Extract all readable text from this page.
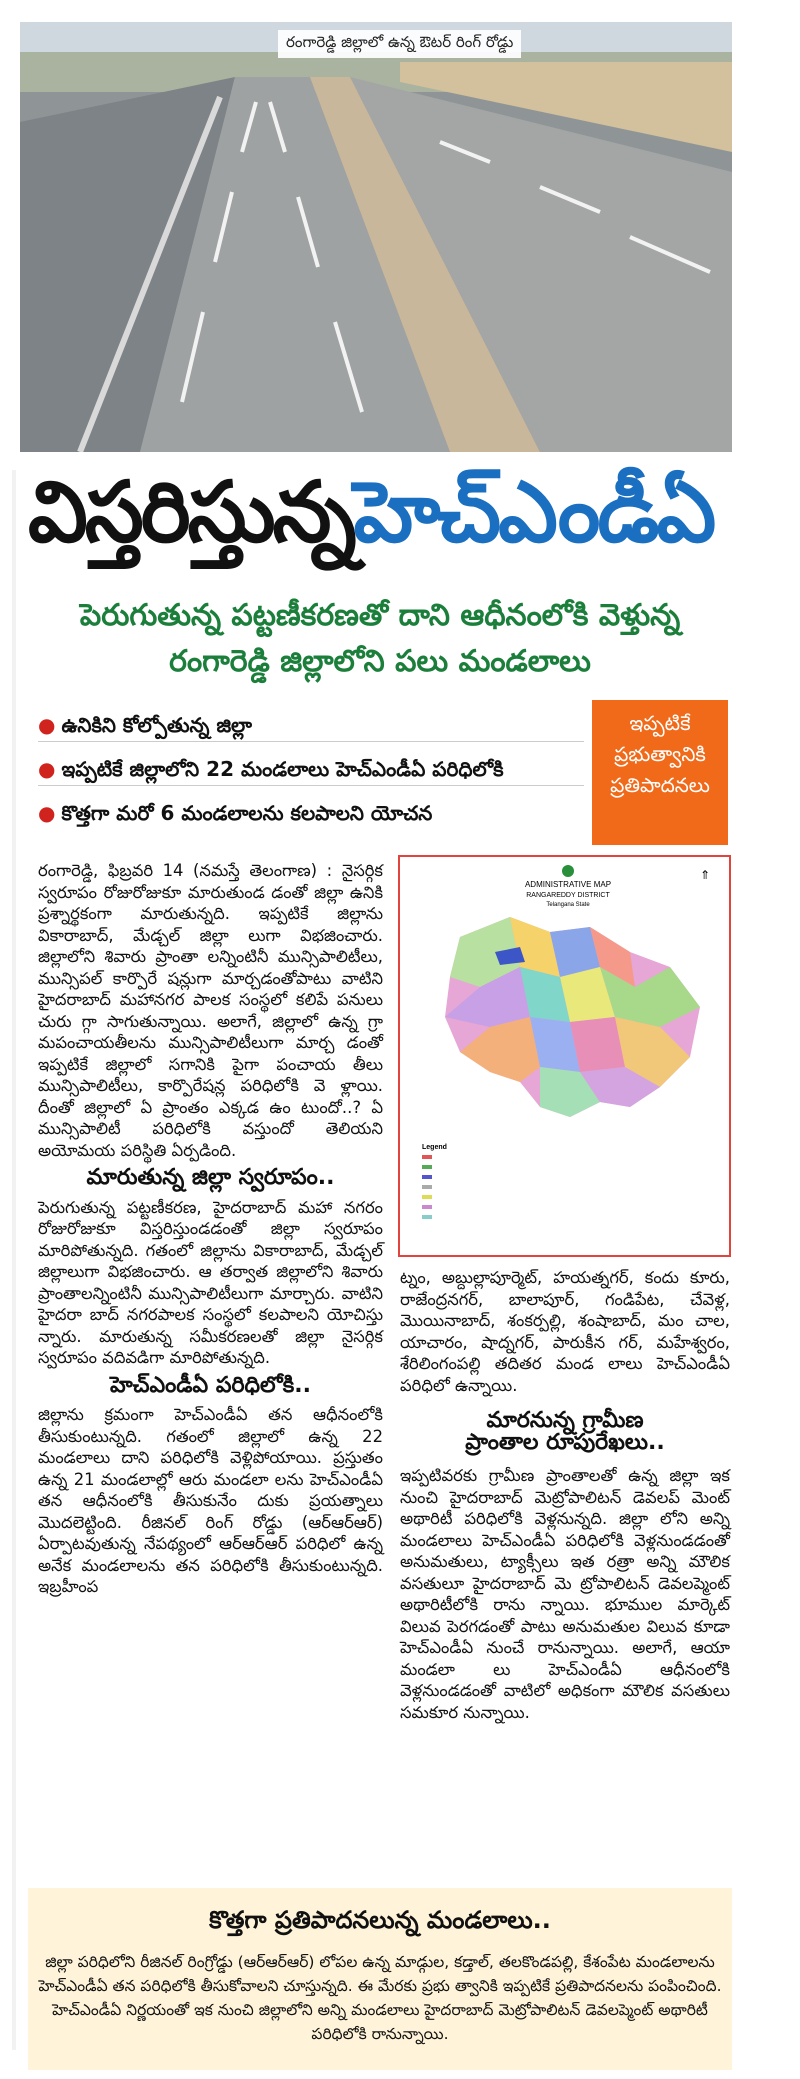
రంగారెడ్డి జిల్లాలో ఉన్న ఔటర్ రింగ్ రోడ్డు
విస్తరిస్తున్నహెచ్ఎండీఏ
పెరుగుతున్న పట్టణీకరణతో దాని ఆధీనంలోకి వెళ్తున్న
రంగారెడ్డి జిల్లాలోని పలు మండలాలు
● ఉనికిని కోల్పోతున్న జిల్లా
● ఇప్పటికే జిల్లాలోని 22 మండలాలు హెచ్ఎండీఏ పరిధిలోకి
● కొత్తగా మరో 6 మండలాలను కలపాలని యోచన
ఇప్పటికే
ప్రభుత్వానికి
ప్రతిపాదనలు

రంగారెడ్డి, ఫిబ్రవరి 14 (నమస్తే తెలంగాణ) : నైసర్గిక స్వరూపం రోజురోజుకూ మారుతుండ డంతో జిల్లా ఉనికి ప్రశ్నార్థకంగా మారుతున్నది. ఇప్పటికే జిల్లాను వికారాబాద్, మేడ్చల్ జిల్లా లుగా విభజించారు. జిల్లాలోని శివారు ప్రాంతా లన్నింటినీ మున్సిపాలిటీలు, మున్సిపల్ కార్పొరే షన్లుగా మార్చడంతోపాటు వాటిని హైదరాబాద్ మహానగర పాలక సంస్థలో కలిపే పనులు చురు గ్గా సాగుతున్నాయి. అలాగే, జిల్లాలో ఉన్న గ్రా మపంచాయతీలను మున్సిపాలిటీలుగా మార్చ డంతో ఇప్పటికే జిల్లాలో సగానికి పైగా పంచాయ తీలు మున్సిపాలిటీలు, కార్పొరేషన్ల పరిధిలోకి వె ళ్లాయి. దీంతో జిల్లాలో ఏ ప్రాంతం ఎక్కడ ఉం టుందో..? ఏ మున్సిపాలిటీ పరిధిలోకి వస్తుందో తెలియని అయోమయ పరిస్థితి ఏర్పడింది.

మారుతున్న జిల్లా స్వరూపం..

పెరుగుతున్న పట్టణీకరణ, హైదరాబాద్ మహా నగరం రోజురోజుకూ విస్తరిస్తుండడంతో జిల్లా స్వరూపం మారిపోతున్నది. గతంలో జిల్లాను వికారాబాద్, మేడ్చల్ జిల్లాలుగా విభజించారు. ఆ తర్వాత జిల్లాలోని శివారు ప్రాంతాలన్నింటినీ మున్సిపాలిటీలుగా మార్చారు. వాటిని హైదరా బాద్ నగరపాలక సంస్థలో కలపాలని యోచిస్తు న్నారు. మారుతున్న సమీకరణలతో జిల్లా నైసర్గిక స్వరూపం వదివడిగా మారిపోతున్నది.

హెచ్ఎండీఏ పరిధిలోకి..

జిల్లాను క్రమంగా హెచ్ఎండీఏ తన ఆధీనంలోకి తీసుకుంటున్నది. గతంలో జిల్లాలో ఉన్న 22 మండలాలు దాని పరిధిలోకి వెళ్లిపోయాయి. ప్రస్తుతం ఉన్న 21 మండలాల్లో ఆరు మండలా లను హెచ్ఎండీఏ తన ఆధీనంలోకి తీసుకునేం దుకు ప్రయత్నాలు మొదలెట్టింది. రీజినల్ రింగ్ రోడ్డు (ఆర్ఆర్ఆర్) ఏర్పాటవుతున్న నేపథ్యంలో ఆర్ఆర్ఆర్ పరిధిలో ఉన్న అనేక మండలాలను తన పరిధిలోకి తీసుకుంటున్నది. ఇబ్రహీంప

ADMINISTRATIVE MAP
RANGAREDDY DISTRICT
Telangana State
Legend
⇑

ట్నం, అబ్దుల్లాపూర్మెట్, హయత్నగర్, కందు కూరు, రాజేంద్రనగర్, బాలాపూర్, గండిపేట, చేవెళ్ల, మొయినాబాద్, శంకర్పల్లి, శంషాబాద్, మం చాల, యాచారం, షాద్నగర్, పారుకీన గర్, మహేశ్వరం, శేరిలింగంపల్లి తదితర మండ లాలు హెచ్ఎండీఏ పరిధిలో ఉన్నాయి.

మారనున్న గ్రామీణ ప్రాంతాల రూపురేఖలు..

ఇప్పటివరకు గ్రామీణ ప్రాంతాలతో ఉన్న జిల్లా ఇక నుంచి హైదరాబాద్ మెట్రోపాలిటన్ డెవలప్ మెంట్ అథారిటీ పరిధిలోకి వెళ్లనున్నది. జిల్లా లోని అన్ని మండలాలు హెచ్ఎండీఏ పరిధిలోకి వెళ్లనుండడంతో అనుమతులు, ట్యాక్సీలు ఇత రత్రా అన్ని మౌలిక వసతులూ హైదరాబాద్ మె ట్రోపాలిటన్ డెవలప్మెంట్ అథారిటీలోకి రాను న్నాయి. భూముల మార్కెట్ విలువ పెరగడంతో పాటు అనుమతుల విలువ కూడా హెచ్ఎండీఏ నుంచే రానున్నాయి. అలాగే, ఆయా మండలా లు హెచ్ఎండీఏ ఆధీనంలోకి వెళ్లనుండడంతో వాటిలో అధికంగా మౌలిక వసతులు సమకూర నున్నాయి.

కొత్తగా ప్రతిపాదనలున్న మండలాలు..

జిల్లా పరిధిలోని రీజినల్ రింగ్రోడ్డు (ఆర్ఆర్ఆర్) లోపల ఉన్న మాడ్గుల, కడ్తాల్, తలకొండపల్లి, కేశంపేట మండలాలను హెచ్ఎండీఏ తన పరిధిలోకి తీసుకోవాలని చూస్తున్నది. ఈ మేరకు ప్రభు త్వానికి ఇప్పటికే ప్రతిపాదనలను పంపించింది. హెచ్ఎండీఏ నిర్ణయంతో ఇక నుంచి జిల్లాలోని అన్ని మండలాలు హైదరాబాద్ మెట్రోపాలిటన్ డెవలప్మెంట్ అథారిటీ పరిధిలోకి రానున్నాయి.
